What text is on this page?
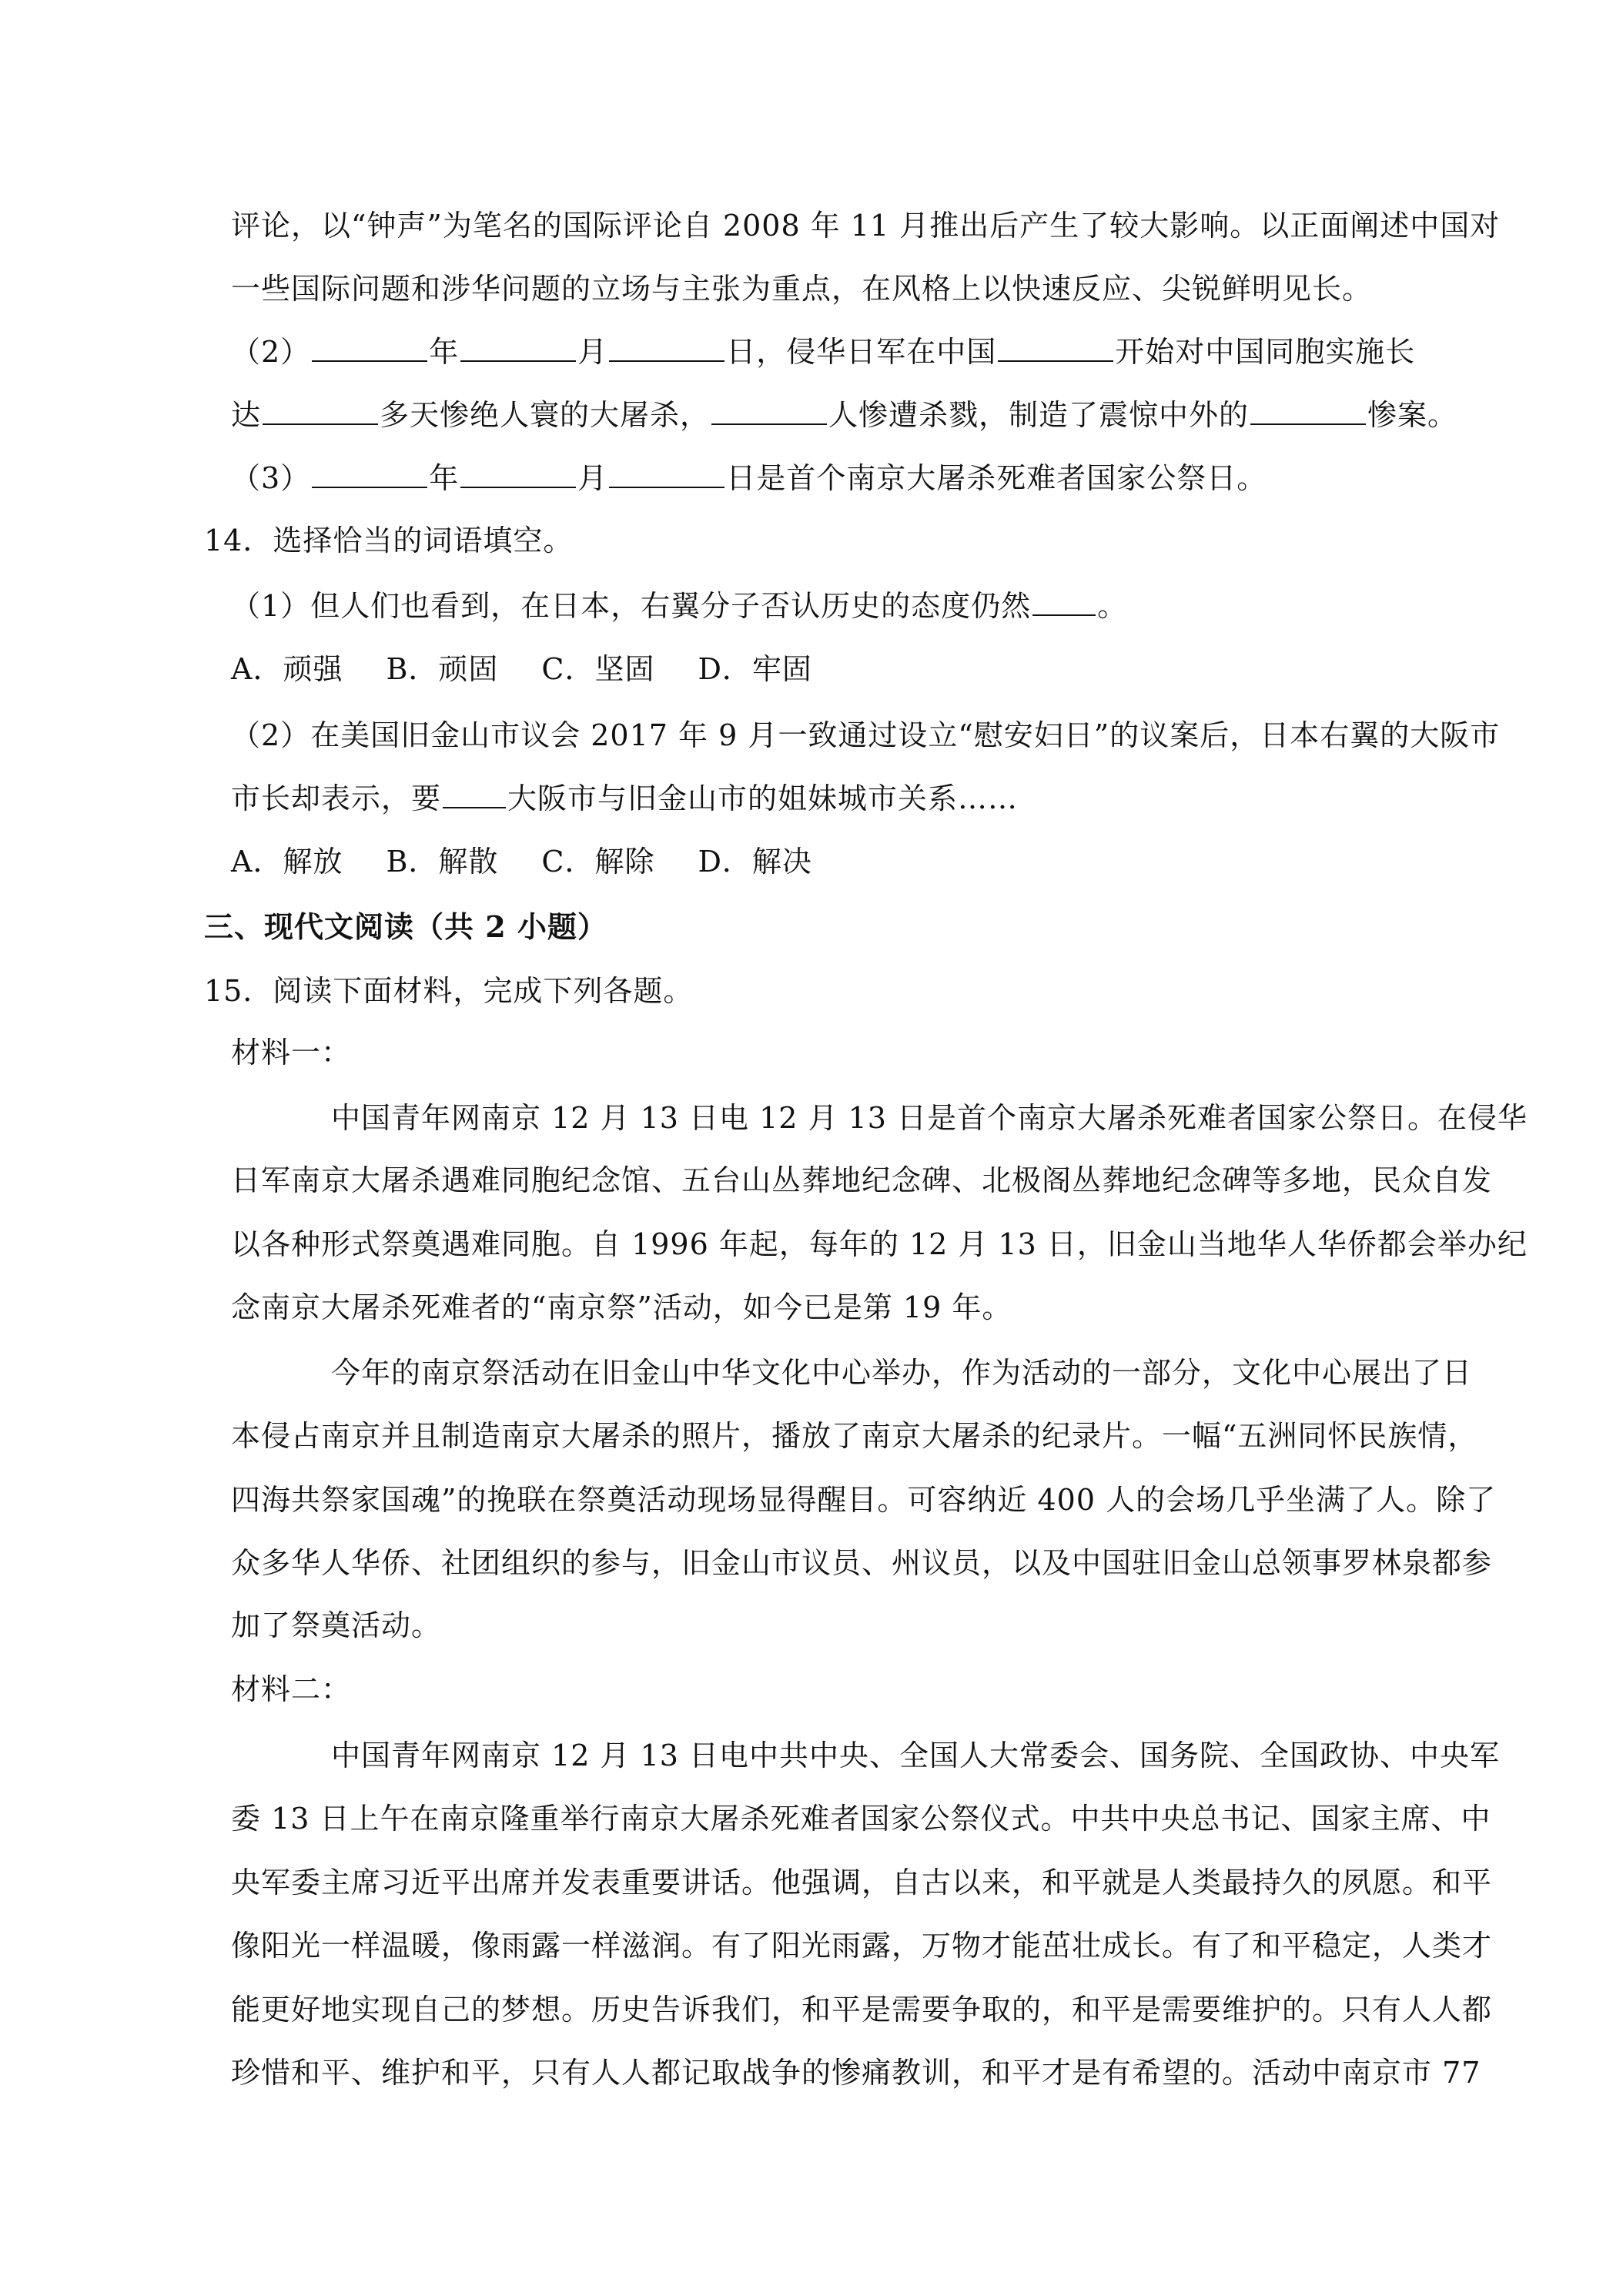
评论，以“钟声”为笔名的国际评论自 2008 年 11 月推出后产生了较大影响。以正面阐述中国对
一些国际问题和涉华问题的立场与主张为重点，在风格上以快速反应、尖锐鲜明见长。
（2）	年	月	日，侵华日军在中国	开始对中国同胞实施长
达	多天惨绝人寰的大屠杀，	人惨遭杀戮，制造了震惊中外的	惨案。
（3）	年	月	日是首个南京大屠杀死难者国家公祭日。
14．选择恰当的词语填空。
（1）但人们也看到，在日本，右翼分子否认历史的态度仍然 。
A．顽强 B．顽固 C．坚固 D．牢固
（2）在美国旧金山市议会 2017 年 9 月一致通过设立“慰安妇日”的议案后，日本右翼的大阪市
市长却表示，要 大阪市与旧金山市的姐妹城市关系……
A．解放 B．解散 C．解除 D．解决
三、现代文阅读（共 2 小题）
15．阅读下面材料，完成下列各题。
材料一：
中国青年网南京 12 月 13 日电 12 月 13 日是首个南京大屠杀死难者国家公祭日。在侵华
日军南京大屠杀遇难同胞纪念馆、五台山丛葬地纪念碑、北极阁丛葬地纪念碑等多地，民众自发
以各种形式祭奠遇难同胞。自 1996 年起，每年的 12 月 13 日，旧金山当地华人华侨都会举办纪
念南京大屠杀死难者的“南京祭”活动，如今已是第 19 年。
今年的南京祭活动在旧金山中华文化中心举办，作为活动的一部分，文化中心展出了日
本侵占南京并且制造南京大屠杀的照片，播放了南京大屠杀的纪录片。一幅“五洲同怀民族情，
四海共祭家国魂”的挽联在祭奠活动现场显得醒目。可容纳近 400 人的会场几乎坐满了人。除了
众多华人华侨、社团组织的参与，旧金山市议员、州议员，以及中国驻旧金山总领事罗林泉都参
加了祭奠活动。
材料二：
中国青年网南京 12 月 13 日电中共中央、全国人大常委会、国务院、全国政协、中央军
委 13 日上午在南京隆重举行南京大屠杀死难者国家公祭仪式。中共中央总书记、国家主席、中
央军委主席习近平出席并发表重要讲话。他强调，自古以来，和平就是人类最持久的夙愿。和平
像阳光一样温暖，像雨露一样滋润。有了阳光雨露，万物才能茁壮成长。有了和平稳定，人类才
能更好地实现自己的梦想。历史告诉我们，和平是需要争取的，和平是需要维护的。只有人人都
珍惜和平、维护和平，只有人人都记取战争的惨痛教训，和平才是有希望的。活动中南京市 77
